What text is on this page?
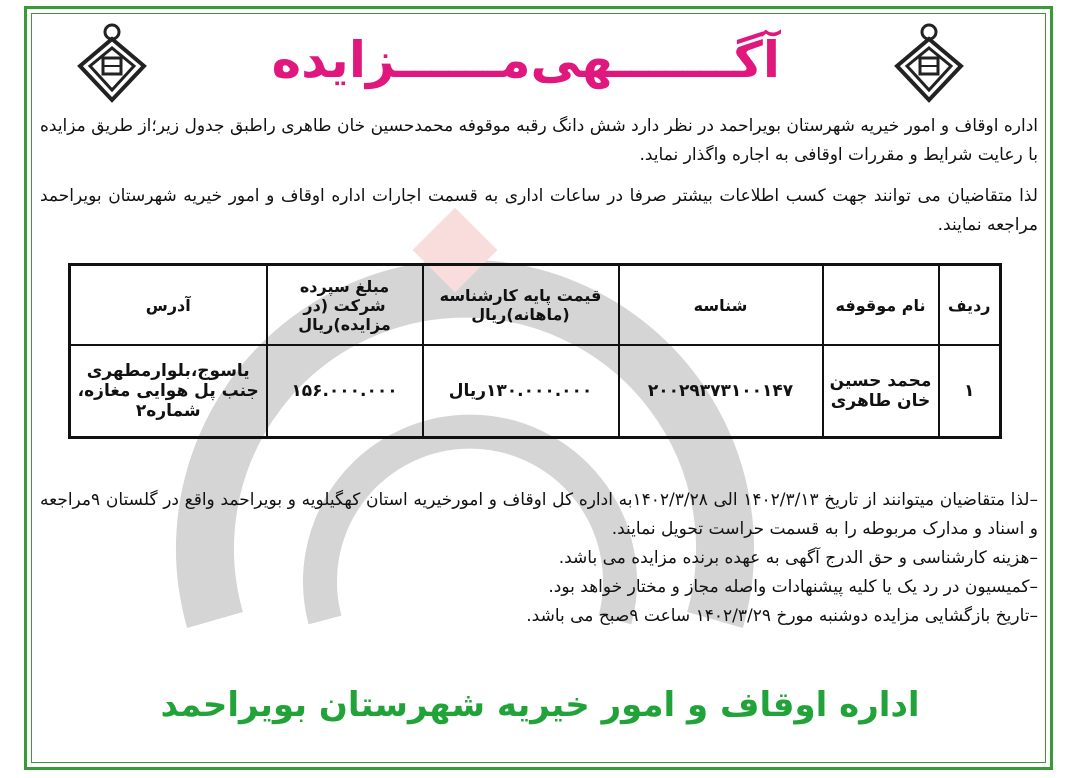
آگـــــــهی‌مــــــزایده
اداره اوقاف و امور خیریه شهرستان بویراحمد در نظر دارد شش دانگ رقبه موقوفه محمدحسین خان طاهری راطبق جدول زیر؛از طریق مزایده با رعایت شرایط و مقررات اوقافی به اجاره واگذار نماید.
لذا متقاضیان می توانند جهت کسب اطلاعات بیشتر صرفا در ساعات اداری به قسمت اجارات اداره اوقاف و امور خیریه شهرستان بویراحمد مراجعه نمایند.
ردیف	نام موقوفه	شناسه	قیمت پایه کارشناسه (ماهانه)ریال	مبلغ سپرده شرکت (در مزایده)ریال	آدرس
۱	محمد حسین خان طاهری	۲۰۰۲۹۳۷۳۱۰۰۱۴۷	۱۳۰.۰۰۰.۰۰۰ریال	۱۵۶.۰۰۰.۰۰۰	یاسوج،بلوارمطهری جنب پل هوایی مغازه، شماره۲
–لذا متقاضیان میتوانند از تاریخ ۱۴۰۲/۳/۱۳ الی ۱۴۰۲/۳/۲۸به اداره کل اوقاف و امورخیریه استان کهگیلویه و بویراحمد واقع در گلستان ۹مراجعه و اسناد و مدارک مربوطه را به قسمت حراست تحویل نمایند.
–هزینه کارشناسی و حق الدرج آگهی به عهده برنده مزایده می باشد.
–کمیسیون در رد یک یا کلیه پیشنهادات واصله مجاز و مختار خواهد بود.
–تاریخ بازگشایی مزایده دوشنبه مورخ ۱۴۰۲/۳/۲۹ ساعت ۹صبح می باشد.
اداره اوقاف و امور خیریه شهرستان بویراحمد
